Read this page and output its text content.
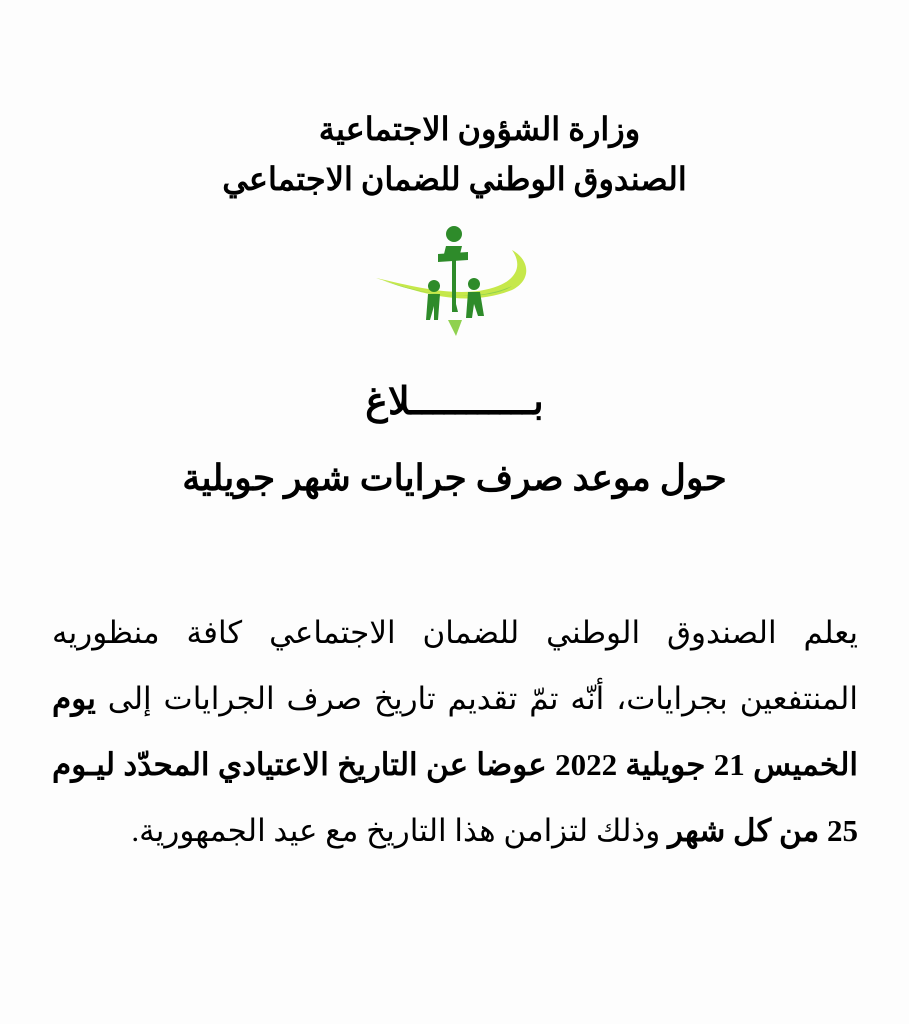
وزارة الشؤون الاجتماعية
الصندوق الوطني للضمان الاجتماعي
بـــــــــــلاغ
حول موعد صرف جرايات شهر جويلية
يعلم الصندوق الوطني للضمان الاجتماعي كافة منظوريه المنتفعين بجرايات، أنّه تمّ تقديم تاريخ صرف الجرايات إلى يوم الخميس 21 جويلية 2022 عوضا عن التاريخ الاعتيادي المحدّد ليـوم 25 من كل شهر وذلك لتزامن هذا التاريخ مع عيد الجمهورية.
